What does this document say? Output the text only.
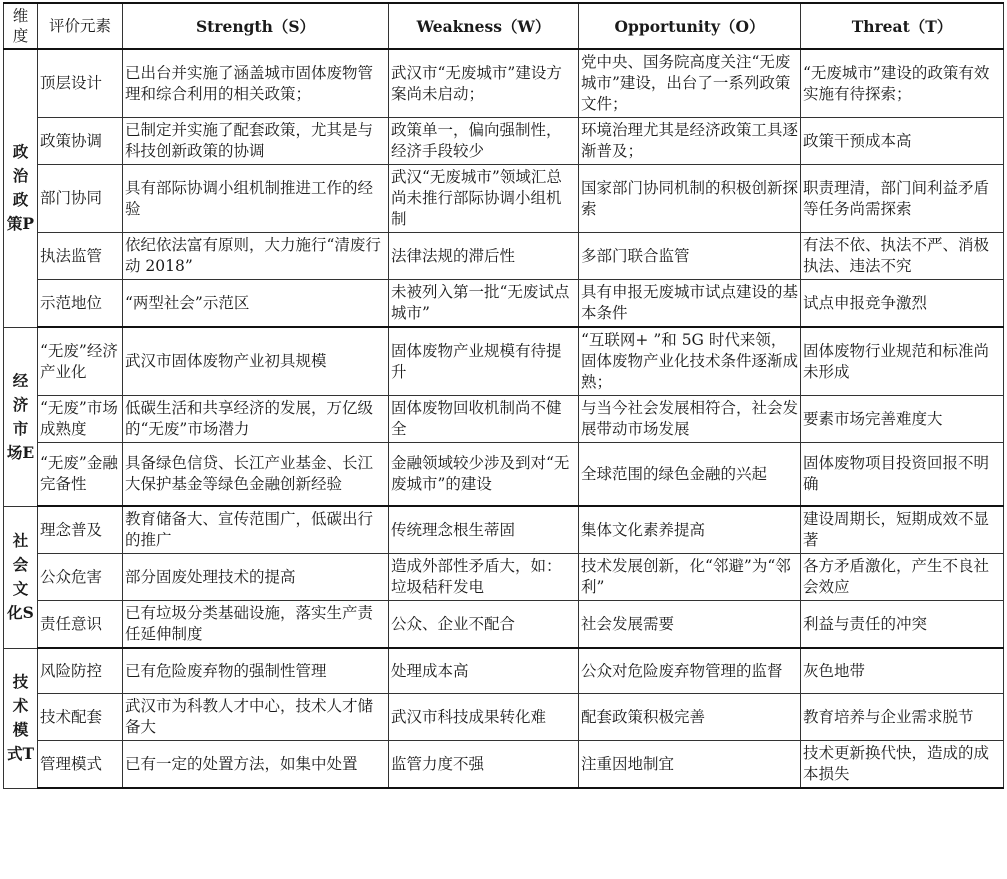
维度	评价元素	Strength（S）	Weakness（W）	Opportunity（O）	Threat（T）
政治政策P	顶层设计	已出台并实施了涵盖城市固体废物管理和综合利用的相关政策；	武汉市“无废城市”建设方案尚未启动；	党中央、国务院高度关注“无废城市”建设，出台了一系列政策文件；	“无废城市”建设的政策有效实施有待探索；
	政策协调	已制定并实施了配套政策，尤其是与科技创新政策的协调	政策单一，偏向强制性，经济手段较少	环境治理尤其是经济政策工具逐渐普及；	政策干预成本高
	部门协同	具有部际协调小组机制推进工作的经验	武汉“无废城市”领域汇总尚未推行部际协调小组机制	国家部门协同机制的积极创新探索	职责理清，部门间利益矛盾等任务尚需探索
	执法监管	依纪依法富有原则，大力施行“清废行动 2018”	法律法规的滞后性	多部门联合监管	有法不依、执法不严、消极执法、违法不究
	示范地位	“两型社会”示范区	未被列入第一批“无废试点城市”	具有申报无废城市试点建设的基本条件	试点申报竞争激烈
经济市场E	“无废”经济产业化	武汉市固体废物产业初具规模	固体废物产业规模有待提升	“互联网+ ”和 5G 时代来领，固体废物产业化技术条件逐渐成熟；	固体废物行业规范和标准尚未形成
	“无废”市场成熟度	低碳生活和共享经济的发展，万亿级的“无废”市场潜力	固体废物回收机制尚不健全	与当今社会发展相符合，社会发展带动市场发展	要素市场完善难度大
	“无废”金融完备性	具备绿色信贷、长江产业基金、长江大保护基金等绿色金融创新经验	金融领域较少涉及到对“无废城市”的建设	全球范围的绿色金融的兴起	固体废物项目投资回报不明确
社会文化S	理念普及	教育储备大、宣传范围广，低碳出行的推广	传统理念根生蒂固	集体文化素养提高	建设周期长，短期成效不显著
	公众危害	部分固废处理技术的提高	造成外部性矛盾大，如：垃圾秸秆发电	技术发展创新，化“邻避”为“邻利”	各方矛盾激化，产生不良社会效应
	责任意识	已有垃圾分类基础设施，落实生产责任延伸制度	公众、企业不配合	社会发展需要	利益与责任的冲突
技术模式T	风险防控	已有危险废弃物的强制性管理	处理成本高	公众对危险废弃物管理的监督	灰色地带
	技术配套	武汉市为科教人才中心，技术人才储备大	武汉市科技成果转化难	配套政策积极完善	教育培养与企业需求脱节
	管理模式	已有一定的处置方法，如集中处置	监管力度不强	注重因地制宜	技术更新换代快，造成的成本损失
